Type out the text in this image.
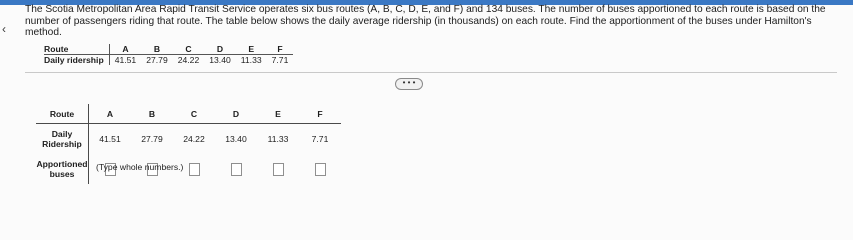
‹
The Scotia Metropolitan Area Rapid Transit Service operates six bus routes (A, B, C, D, E, and F) and 134 buses. The number of buses apportioned to each route is based on the number of passengers riding that route. The table below shows the daily average ridership (in thousands) on each route. Find the apportionment of the buses under Hamilton's method.
Route	A	B	C	D	E	F
Daily ridership	41.51	27.79	24.22	13.40	11.33	7.71
• • •
Route	A	B	C	D	E	F
Daily
Ridership	41.51	27.79	24.22	13.40	11.33	7.71
Apportioned
buses						
(Type whole numbers.)
